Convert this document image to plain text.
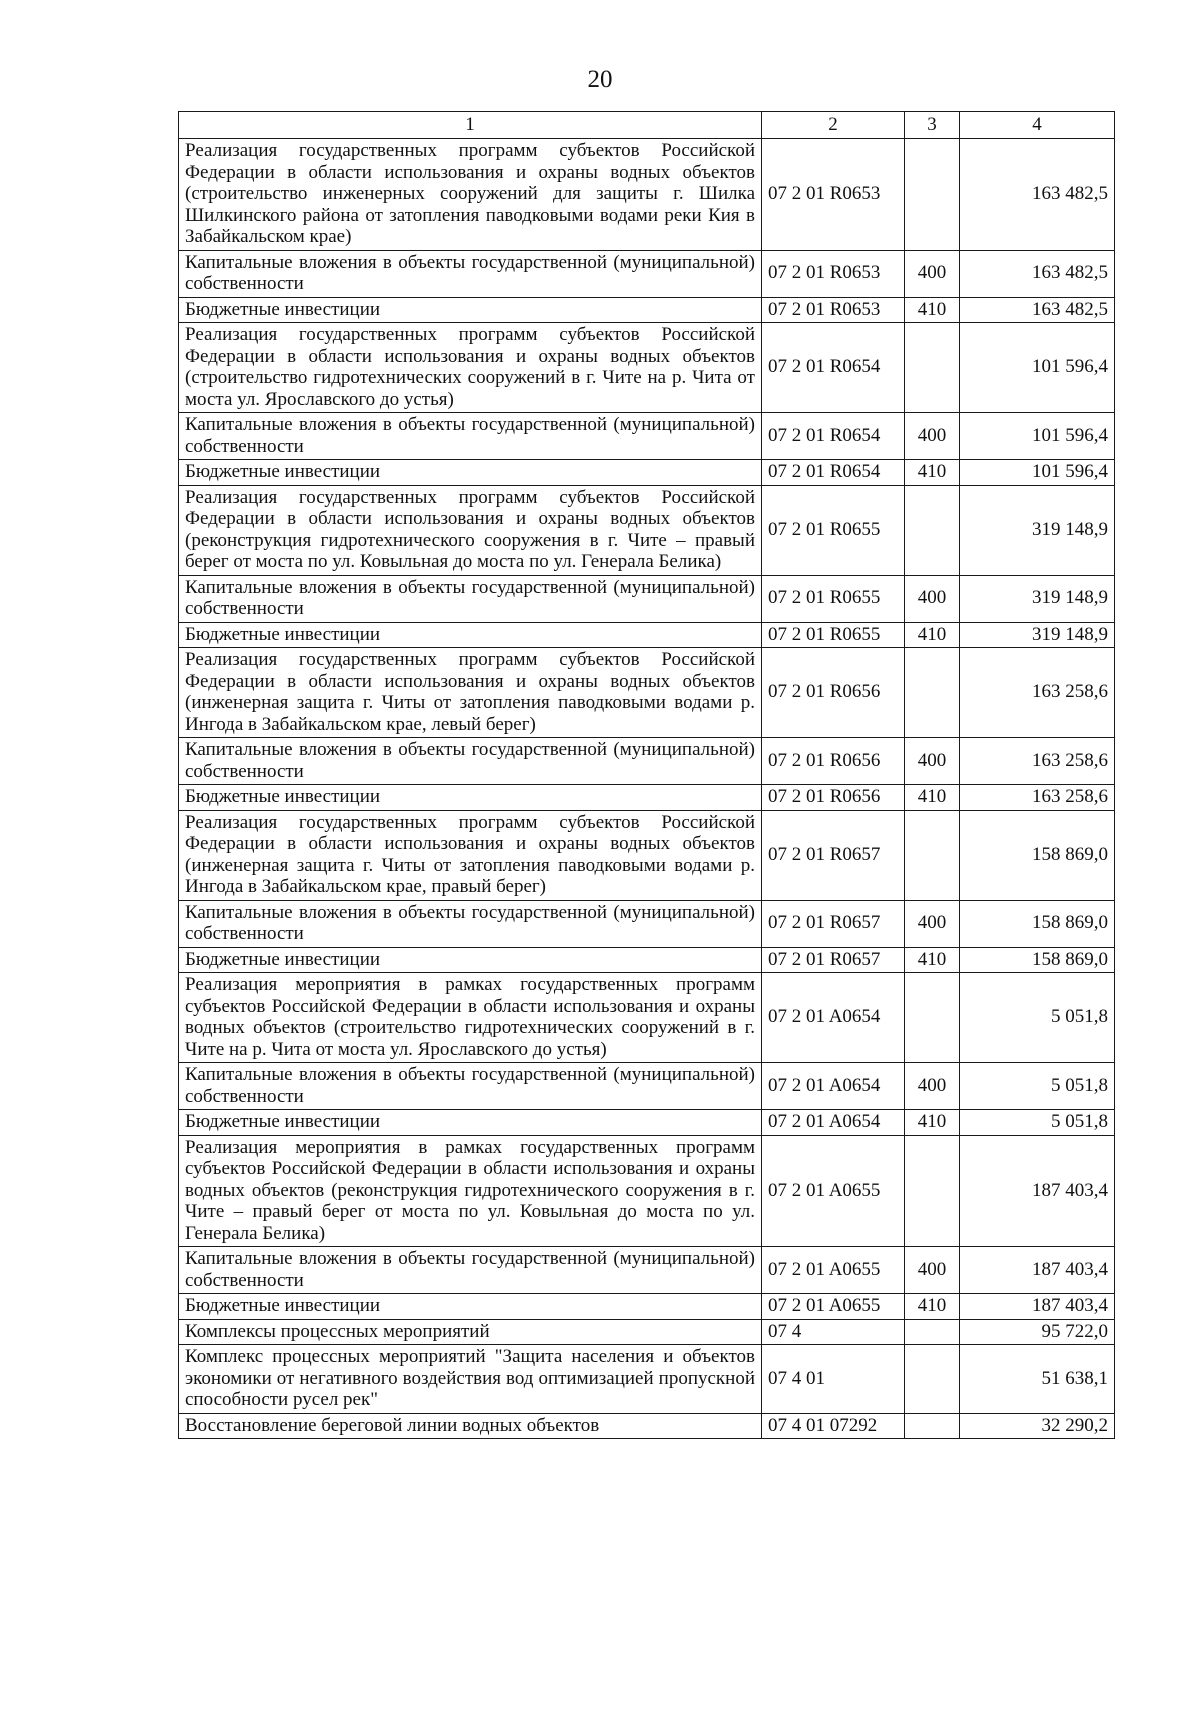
20
1	2	3	4
Реализация государственных программ субъектов Российской Федерации в области использования и охраны водных объектов (строительство инженерных сооружений для защиты г. Шилка Шилкинского района от затопления паводковыми водами реки Кия в Забайкальском крае)	07 2 01 R0653		163 482,5
Капитальные вложения в объекты государственной (муниципальной) собственности	07 2 01 R0653	400	163 482,5
Бюджетные инвестиции	07 2 01 R0653	410	163 482,5
Реализация государственных программ субъектов Российской Федерации в области использования и охраны водных объектов (строительство гидротехнических сооружений в г. Чите на р. Чита от моста ул. Ярославского до устья)	07 2 01 R0654		101 596,4
Капитальные вложения в объекты государственной (муниципальной) собственности	07 2 01 R0654	400	101 596,4
Бюджетные инвестиции	07 2 01 R0654	410	101 596,4
Реализация государственных программ субъектов Российской Федерации в области использования и охраны водных объектов (реконструкция гидротехнического сооружения в г. Чите – правый берег от моста по ул. Ковыльная до моста по ул. Генерала Белика)	07 2 01 R0655		319 148,9
Капитальные вложения в объекты государственной (муниципальной) собственности	07 2 01 R0655	400	319 148,9
Бюджетные инвестиции	07 2 01 R0655	410	319 148,9
Реализация государственных программ субъектов Российской Федерации в области использования и охраны водных объектов (инженерная защита г. Читы от затопления паводковыми водами р. Ингода в Забайкальском крае, левый берег)	07 2 01 R0656		163 258,6
Капитальные вложения в объекты государственной (муниципальной) собственности	07 2 01 R0656	400	163 258,6
Бюджетные инвестиции	07 2 01 R0656	410	163 258,6
Реализация государственных программ субъектов Российской Федерации в области использования и охраны водных объектов (инженерная защита г. Читы от затопления паводковыми водами р. Ингода в Забайкальском крае, правый берег)	07 2 01 R0657		158 869,0
Капитальные вложения в объекты государственной (муниципальной) собственности	07 2 01 R0657	400	158 869,0
Бюджетные инвестиции	07 2 01 R0657	410	158 869,0
Реализация мероприятия в рамках государственных программ субъектов Российской Федерации в области использования и охраны водных объектов (строительство гидротехнических сооружений в г. Чите на р. Чита от моста ул. Ярославского до устья)	07 2 01 A0654		5 051,8
Капитальные вложения в объекты государственной (муниципальной) собственности	07 2 01 A0654	400	5 051,8
Бюджетные инвестиции	07 2 01 A0654	410	5 051,8
Реализация мероприятия в рамках государственных программ субъектов Российской Федерации в области использования и охраны водных объектов (реконструкция гидротехнического сооружения в г. Чите – правый берег от моста по ул. Ковыльная до моста по ул. Генерала Белика)	07 2 01 A0655		187 403,4
Капитальные вложения в объекты государственной (муниципальной) собственности	07 2 01 A0655	400	187 403,4
Бюджетные инвестиции	07 2 01 A0655	410	187 403,4
Комплексы процессных мероприятий	07 4		95 722,0
Комплекс процессных мероприятий "Защита населения и объектов экономики от негативного воздействия вод оптимизацией пропускной способности русел рек"	07 4 01		51 638,1
Восстановление береговой линии водных объектов	07 4 01 07292		32 290,2
